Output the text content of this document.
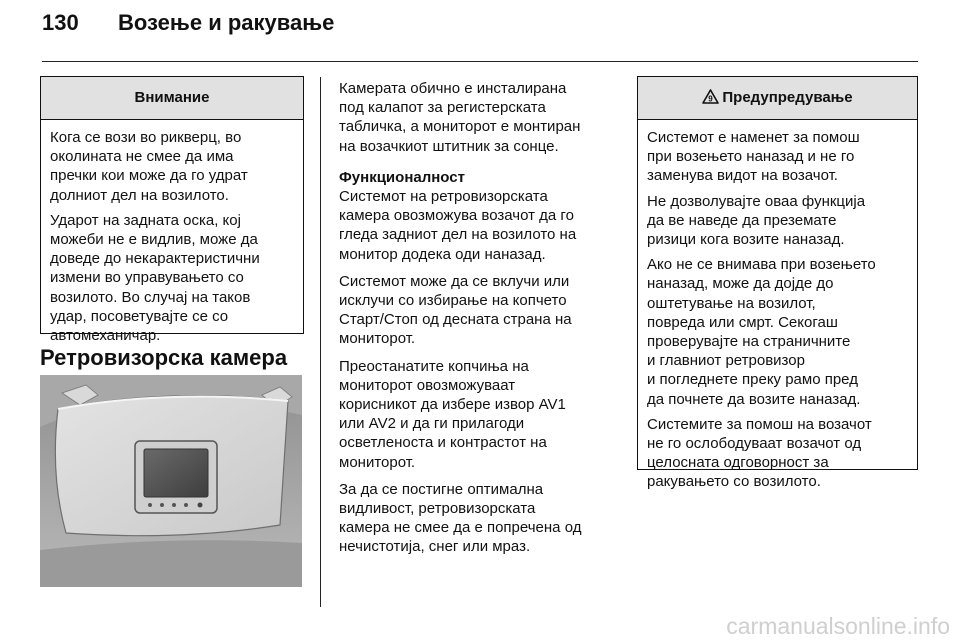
130 Возење и ракување
Внимание

Кога се вози во рикверц, во
околината не смее да има
пречки кои може да го удрат
долниот дел на возилото.

Ударот на задната оска, кој
можеби не е видлив, може да
доведе до некарактеристични
измени во управувањето со
возилото. Во случај на таков
удар, посоветувајте се со
автомеханичар.

Ретровизорска камера

Камерата обично е инсталирана
под калапот за регистерската
табличка, а мониторот е монтиран
на возачкиот штитник за сонце.

Функционалност

Системот на ретровизорската
камера овозможува возачот да го
гледа задниот дел на возилото на
монитор додека оди наназад.

Системот може да се вклучи или
исклучи со избирање на копчето
Старт/Стоп од десната страна на
мониторот.

Преостанатите копчиња на
мониторот овозможуваат
корисникот да избере извор AV1
или AV2 и да ги прилагоди
осветленоста и контрастот на
мониторот.

За да се постигне оптимална
видливост, ретровизорската
камера не смее да е попречена од
нечистотија, снег или мраз.

9 Предупредување

Системот е наменет за помош
при возењето наназад и не го
заменува видот на возачот.

Не дозволувајте оваа функција
да ве наведе да преземате
ризици кога возите наназад.

Ако не се внимава при возењето
наназад, може да дојде до
оштетување на возилот,
повреда или смрт. Секогаш
проверувајте на страничните
и главниот ретровизор
и погледнете преку рамо пред
да почнете да возите наназад.

Системите за помош на возачот
не го ослободуваат возачот од
целосната одговорност за
ракувањето со возилото.

carmanualsonline.info
